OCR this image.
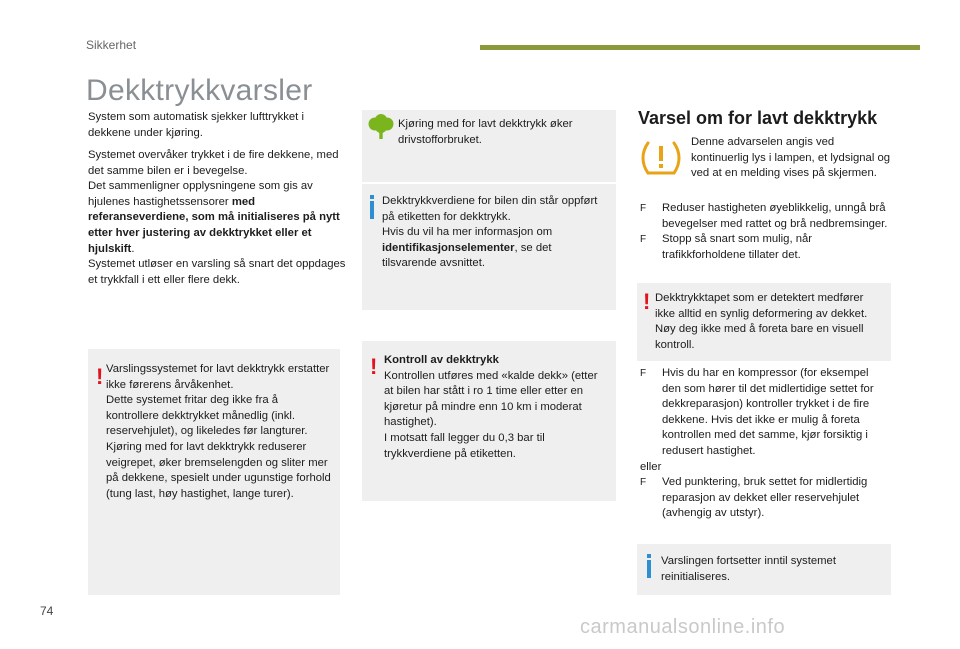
Sikkerhet
Dekktrykkvarsler

System som automatisk sjekker lufttrykket i dekkene under kjøring.

Systemet overvåker trykket i de fire dekkene, med det samme bilen er i bevegelse.
Det sammenligner opplysningene som gis av hjulenes hastighetssensorer med referanseverdiene, som må initialiseres på nytt etter hver justering av dekktrykket eller et hjulskift.
Systemet utløser en varsling så snart det oppdages et trykkfall i ett eller flere dekk.
! Varslingssystemet for lavt dekktrykk erstatter ikke førerens årvåkenhet.
Dette systemet fritar deg ikke fra å kontrollere dekktrykket månedlig (inkl. reservehjulet), og likeledes før langturer.
Kjøring med for lavt dekktrykk reduserer veigrepet, øker bremselengden og sliter mer på dekkene, spesielt under ugunstige forhold (tung last, høy hastighet, lange turer).
Kjøring med for lavt dekktrykk øker drivstofforbruket.
Dekktrykkverdiene for bilen din står oppført på etiketten for dekktrykk.
Hvis du vil ha mer informasjon om identifikasjonselementer, se det tilsvarende avsnittet.
! Kontroll av dekktrykk
Kontrollen utføres med «kalde dekk» (etter at bilen har stått i ro 1 time eller etter en kjøretur på mindre enn 10 km i moderat hastighet).
I motsatt fall legger du 0,3 bar til trykkverdiene på etiketten.
Varsel om for lavt dekktrykk
Denne advarselen angis ved kontinuerlig lys i lampen, et lydsignal og ved at en melding vises på skjermen.

F Reduser hastigheten øyeblikkelig, unngå brå bevegelser med rattet og brå nedbremsinger.

F Stopp så snart som mulig, når trafikkforholdene tillater det.

! Dekktrykktapet som er detektert medfører ikke alltid en synlig deformering av dekket. Nøy deg ikke med å foreta bare en visuell kontroll.

F Hvis du har en kompressor (for eksempel den som hører til det midlertidige settet for dekkreparasjon) kontroller trykket i de fire dekkene. Hvis det ikke er mulig å foreta kontrollen med det samme, kjør forsiktig i redusert hastighet.

eller

F Ved punktering, bruk settet for midlertidig reparasjon av dekket eller reservehjulet (avhengig av utstyr).

Varslingen fortsetter inntil systemet reinitialiseres.
74
carmanualsonline.info
